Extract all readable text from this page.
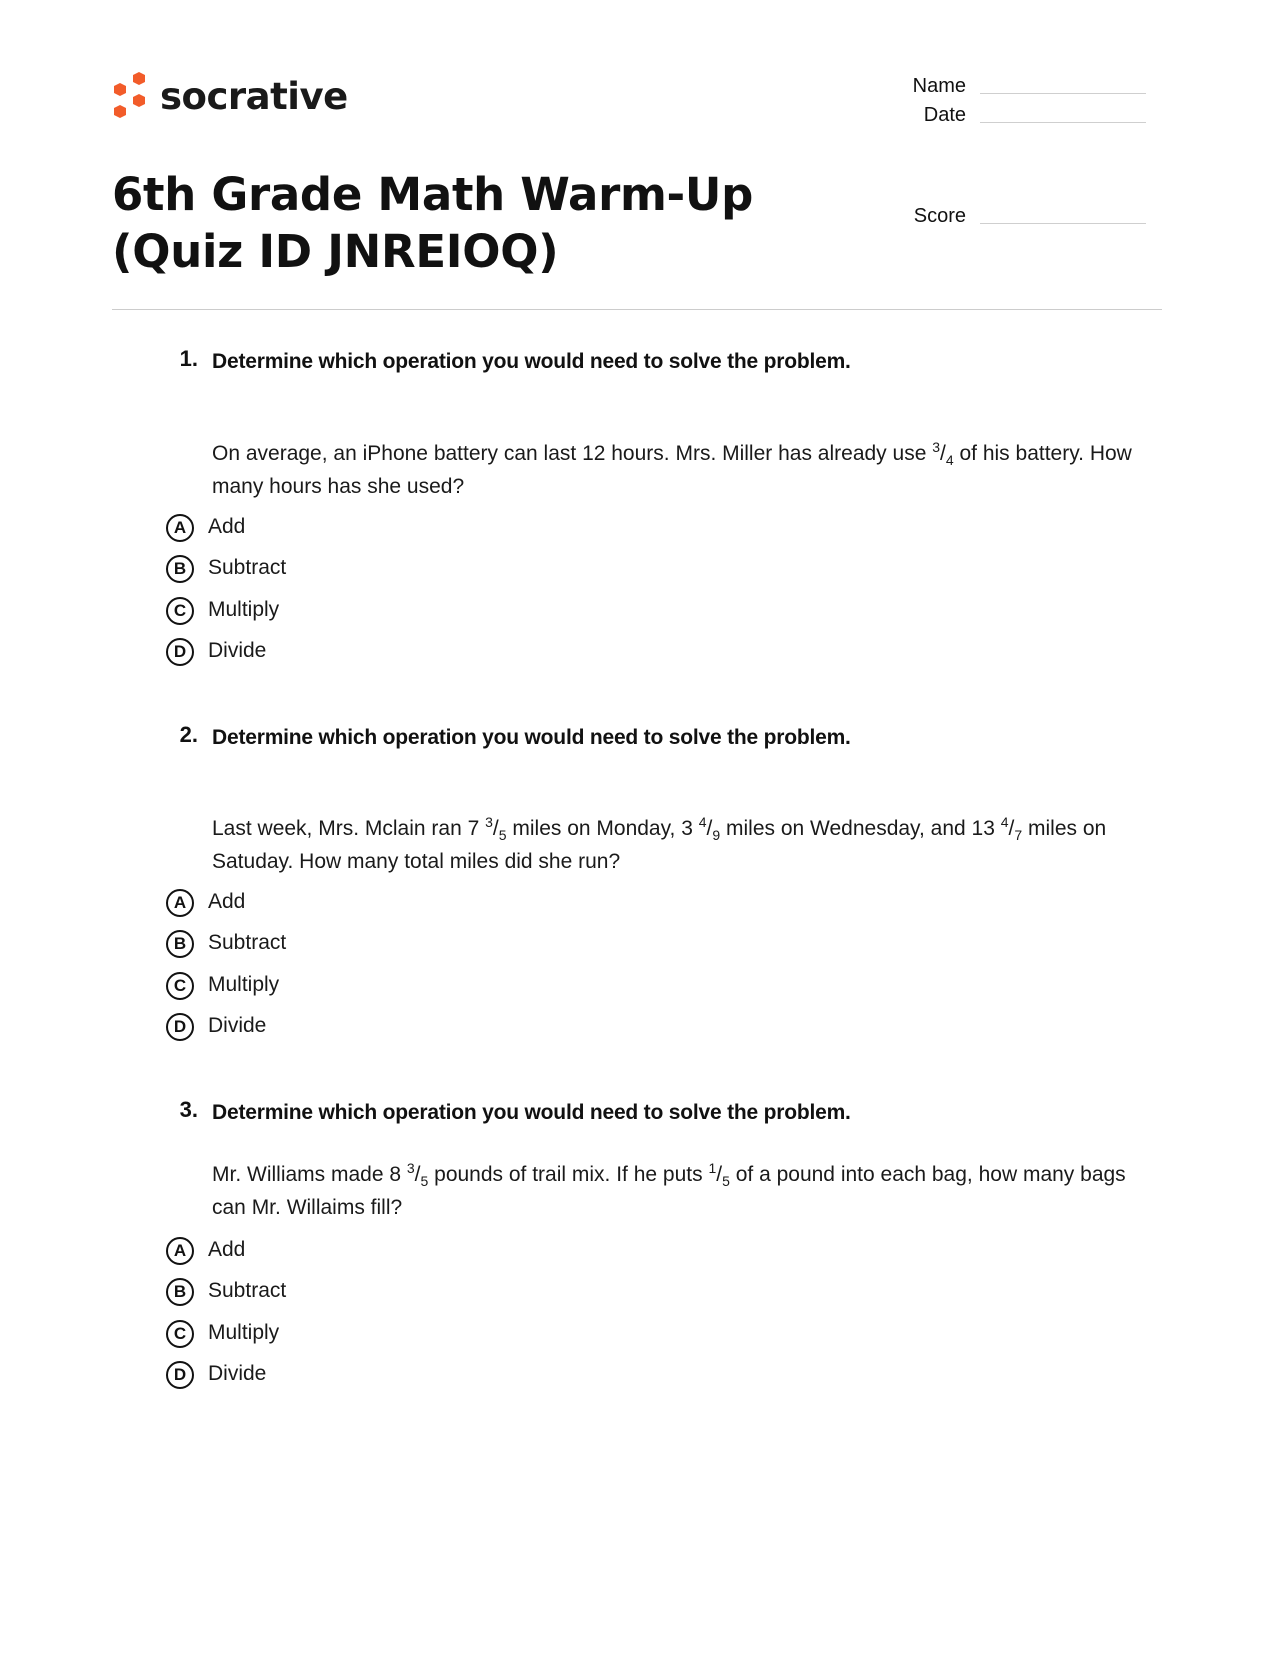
socrative	Name
Date
Score
6th Grade Math Warm-Up (Quiz ID JNREIOQ)
1. Determine which operation you would need to solve the problem.

On average, an iPhone battery can last 12 hours. Mrs. Miller has already use $^3/_4$ of his battery. How many hours has she used?

A	Add
B	Subtract
C	Multiply
D	Divide
2. Determine which operation you would need to solve the problem.

Last week, Mrs. Mclain ran 7 $^3/_5$ miles on Monday, 3 $^4/_9$ miles on Wednesday, and 13 $^4/_7$ miles on Satuday. How many total miles did she run?

A	Add
B	Subtract
C	Multiply
D	Divide
3. Determine which operation you would need to solve the problem.

Mr. Williams made 8 $^3/_5$ pounds of trail mix. If he puts $^1/_5$ of a pound into each bag, how many bags can Mr. Willaims fill?

A	Add
B	Subtract
C	Multiply
D	Divide
